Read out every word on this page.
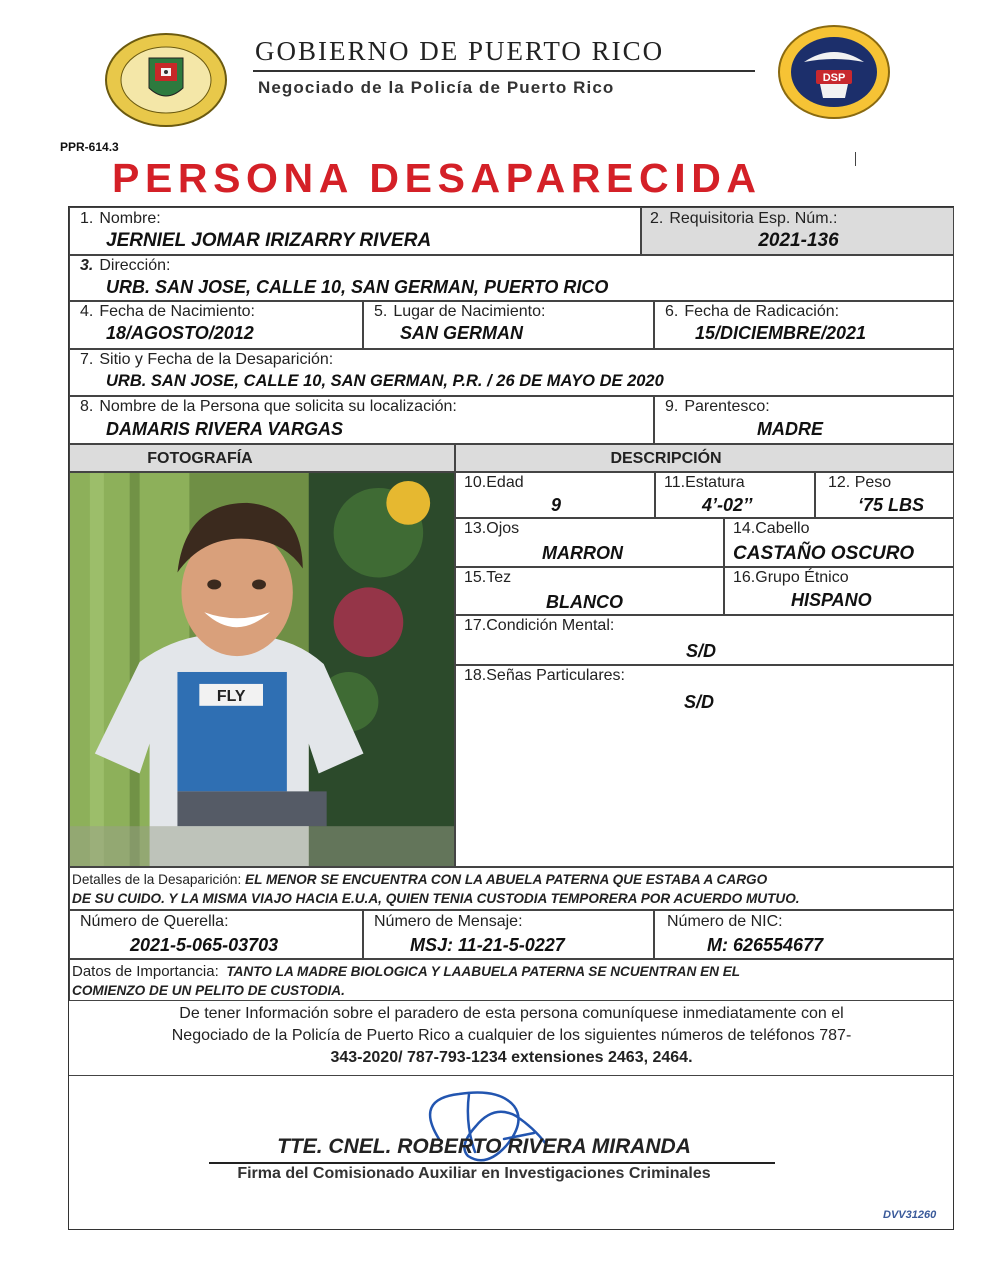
DSP
GOBIERNO DE PUERTO RICO
Negociado de la Policía de Puerto Rico
PPR-614.3
PERSONA DESAPARECIDA
1. Nombre:
JERNIEL JOMAR IRIZARRY RIVERA
2. Requisitoria Esp. Núm.:
2021-136
3. Dirección:
URB. SAN JOSE, CALLE 10, SAN GERMAN, PUERTO RICO
4. Fecha de Nacimiento:
18/AGOSTO/2012
5. Lugar de Nacimiento:
SAN GERMAN
6. Fecha de Radicación:
15/DICIEMBRE/2021
7. Sitio y Fecha de la Desaparición:
URB. SAN JOSE, CALLE 10, SAN GERMAN, P.R. / 26 DE MAYO DE 2020
8. Nombre de la Persona que solicita su localización:
DAMARIS RIVERA VARGAS
9. Parentesco:
MADRE
FOTOGRAFÍA	DESCRIPCIÓN
FLY
10.Edad
9
11.Estatura
4’-02’’
12. Peso
‘75 LBS
13.Ojos
MARRON
14.Cabello
CASTAÑO OSCURO
15.Tez
BLANCO
16.Grupo Étnico
HISPANO
17.Condición Mental:
S/D
18.Señas Particulares:
S/D
Detalles de la Desaparición: EL MENOR SE ENCUENTRA CON LA ABUELA PATERNA QUE ESTABA A CARGO
DE SU CUIDO. Y LA MISMA VIAJO HACIA E.U.A, QUIEN TENIA CUSTODIA TEMPORERA POR ACUERDO MUTUO.
Número de Querella:
2021-5-065-03703
Número de Mensaje:
MSJ: 11-21-5-0227
Número de NIC:
M: 626554677
Datos de Importancia: TANTO LA MADRE BIOLOGICA Y LAABUELA PATERNA SE NCUENTRAN EN EL
COMIENZO DE UN PELITO DE CUSTODIA.
De tener Información sobre el paradero de esta persona comuníquese inmediatamente con el
Negociado de la Policía de Puerto Rico a cualquier de los siguientes números de teléfonos 787-
343-2020/ 787-793-1234 extensiones 2463, 2464.
TTE. CNEL. ROBERTO RIVERA MIRANDA
Firma del Comisionado Auxiliar en Investigaciones Criminales
DVV31260
